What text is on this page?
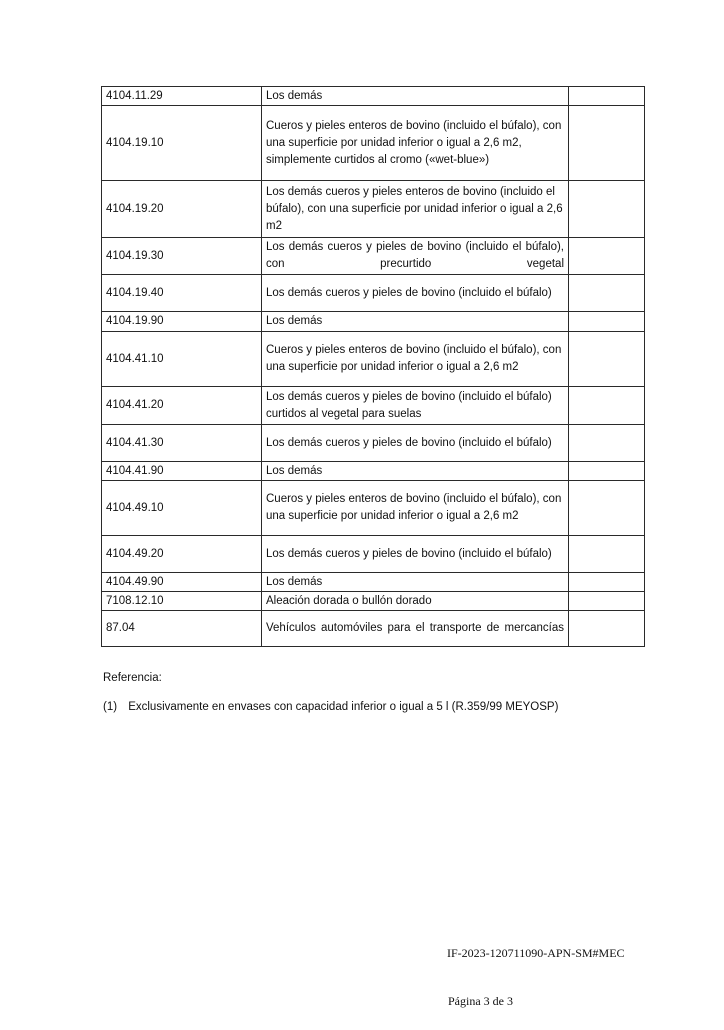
4104.11.29	Los demás	
4104.19.10	Cueros y pieles enteros de bovino (incluido el búfalo), con una superficie por unidad inferior o igual a 2,6 m2, simplemente curtidos al cromo («wet-blue»)	
4104.19.20	Los demás cueros y pieles enteros de bovino (incluido el búfalo), con una superficie por unidad inferior o igual a 2,6 m2	
4104.19.30	Los demás cueros y pieles de bovino (incluido el búfalo), con precurtido vegetal	
4104.19.40	Los demás cueros y pieles de bovino (incluido el búfalo)	
4104.19.90	Los demás	
4104.41.10	Cueros y pieles enteros de bovino (incluido el búfalo), con una superficie por unidad inferior o igual a 2,6 m2	
4104.41.20	Los demás cueros y pieles de bovino (incluido el búfalo) curtidos al vegetal para suelas	
4104.41.30	Los demás cueros y pieles de bovino (incluido el búfalo)	
4104.41.90	Los demás	
4104.49.10	Cueros y pieles enteros de bovino (incluido el búfalo), con una superficie por unidad inferior o igual a 2,6 m2	
4104.49.20	Los demás cueros y pieles de bovino (incluido el búfalo)	
4104.49.90	Los demás	
7108.12.10	Aleación dorada o bullón dorado	
87.04	Vehículos automóviles para el transporte de mercancías	
Referencia:
(1) Exclusivamente en envases con capacidad inferior o igual a 5 l (R.359/99 MEYOSP)
IF-2023-120711090-APN-SM#MEC
Página 3 de 3
